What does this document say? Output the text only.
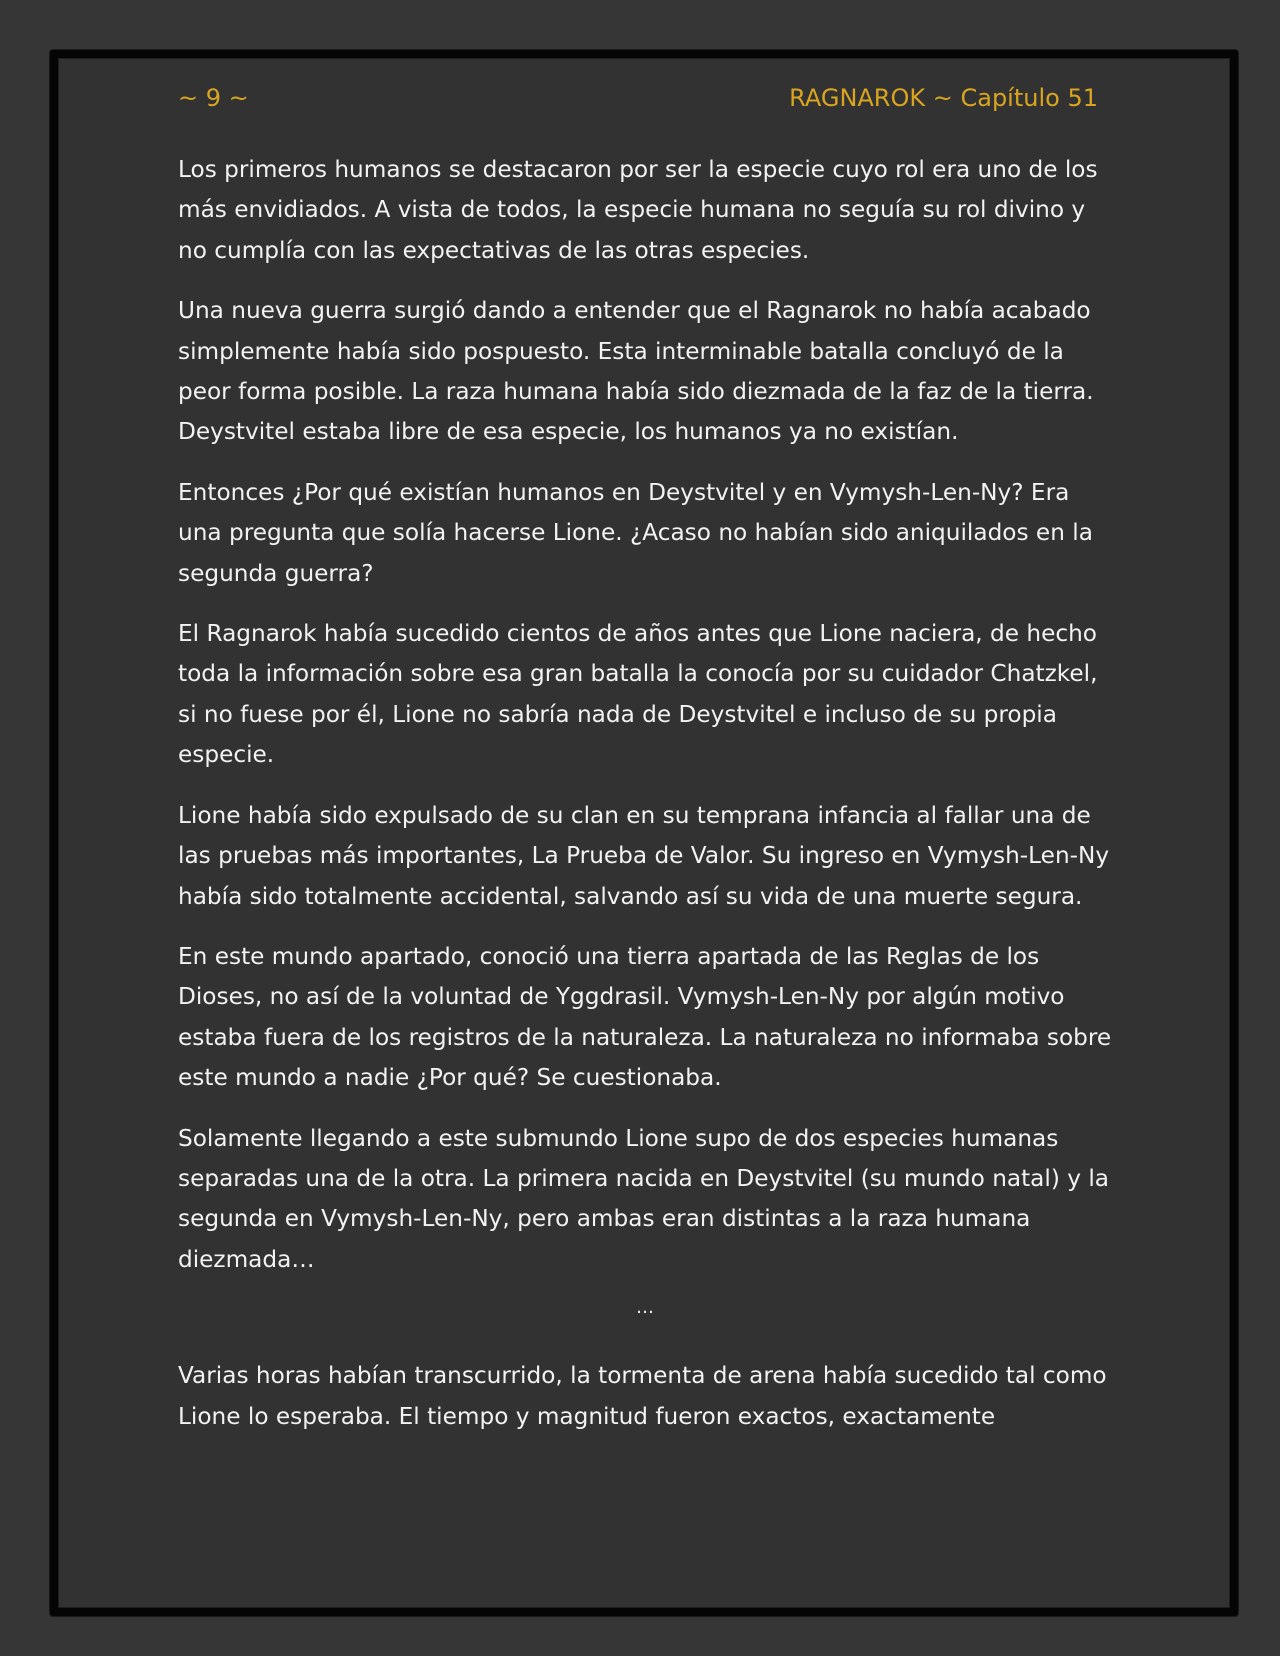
~ 9 ~	RAGNAROK ~ Capítulo 51

Los primeros humanos se destacaron por ser la especie cuyo rol era uno de los más envidiados. A vista de todos, la especie humana no seguía su rol divino y no cumplía con las expectativas de las otras especies.

Una nueva guerra surgió dando a entender que el Ragnarok no había acabado simplemente había sido pospuesto. Esta interminable batalla concluyó de la peor forma posible. La raza humana había sido diezmada de la faz de la tierra. Deystvitel estaba libre de esa especie, los humanos ya no existían.

Entonces ¿Por qué existían humanos en Deystvitel y en Vymysh-Len-Ny? Era una pregunta que solía hacerse Lione. ¿Acaso no habían sido aniquilados en la segunda guerra?

El Ragnarok había sucedido cientos de años antes que Lione naciera, de hecho toda la información sobre esa gran batalla la conocía por su cuidador Chatzkel, si no fuese por él, Lione no sabría nada de Deystvitel e incluso de su propia especie.

Lione había sido expulsado de su clan en su temprana infancia al fallar una de las pruebas más importantes, La Prueba de Valor. Su ingreso en Vymysh-Len-Ny había sido totalmente accidental, salvando así su vida de una muerte segura.

En este mundo apartado, conoció una tierra apartada de las Reglas de los Dioses, no así de la voluntad de Yggdrasil. Vymysh-Len-Ny por algún motivo estaba fuera de los registros de la naturaleza. La naturaleza no informaba sobre este mundo a nadie ¿Por qué? Se cuestionaba.

Solamente llegando a este submundo Lione supo de dos especies humanas separadas una de la otra. La primera nacida en Deystvitel (su mundo natal) y la segunda en Vymysh-Len-Ny, pero ambas eran distintas a la raza humana diezmada…

…

Varias horas habían transcurrido, la tormenta de arena había sucedido tal como Lione lo esperaba. El tiempo y magnitud fueron exactos, exactamente
